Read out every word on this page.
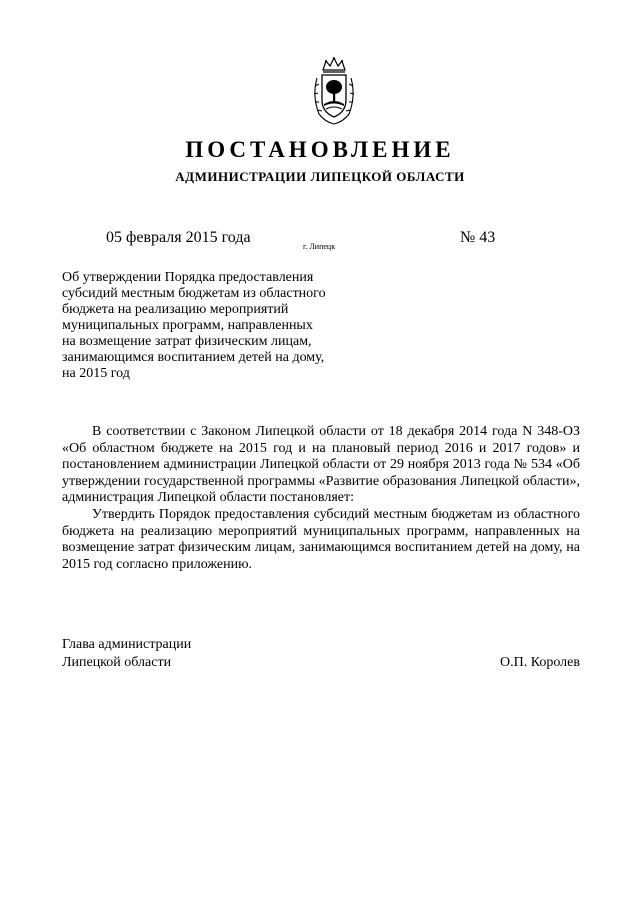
ПОСТАНОВЛЕНИЕ
АДМИНИСТРАЦИИ ЛИПЕЦКОЙ ОБЛАСТИ
05 февраля 2015 года
г. Липецк
№ 43
Об утверждении Порядка предоставления
субсидий местным бюджетам из областного
бюджета на реализацию мероприятий
муниципальных программ, направленных
на возмещение затрат физическим лицам,
занимающимся воспитанием детей на дому,
на 2015 год

В соответствии с Законом Липецкой области от 18 декабря 2014 года N 348-ОЗ «Об областном бюджете на 2015 год и на плановый период 2016 и 2017 годов» и постановлением администрации Липецкой области от 29 ноября 2013 года № 534 «Об утверждении государственной программы «Развитие образования Липецкой области», администрация Липецкой области постановляет:

Утвердить Порядок предоставления субсидий местным бюджетам из областного бюджета на реализацию мероприятий муниципальных программ, направленных на возмещение затрат физическим лицам, занимающимся воспитанием детей на дому, на 2015 год согласно приложению.

Глава администрации
Липецкой области	О.П. Королев
